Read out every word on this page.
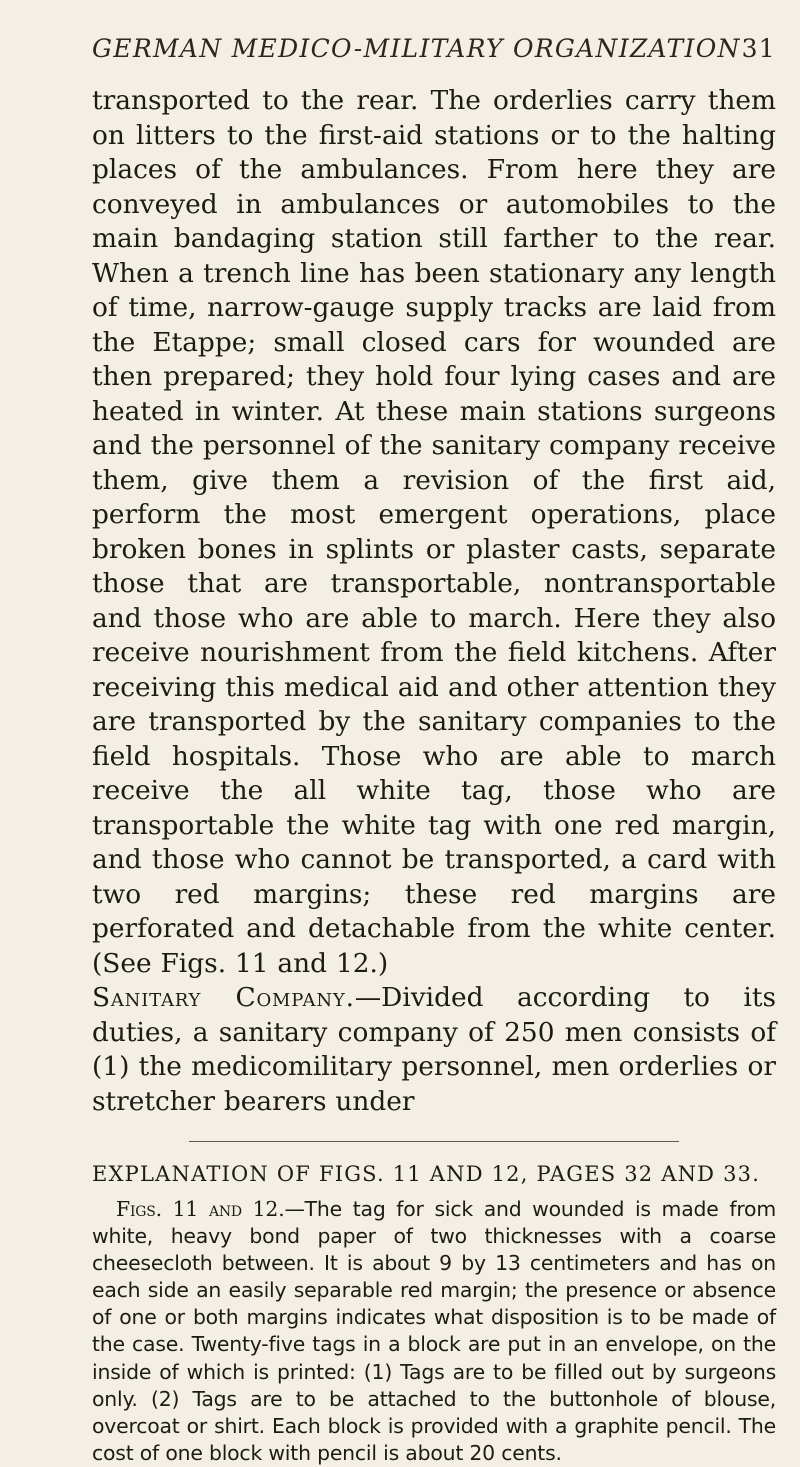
GERMAN MEDICO-MILITARY ORGANIZATION 31

transported to the rear. The orderlies carry them on litters to the first-aid stations or to the halting places of the ambulances. From here they are conveyed in ambulances or automobiles to the main bandaging station still farther to the rear. When a trench line has been stationary any length of time, narrow-gauge supply tracks are laid from the Etappe; small closed cars for wounded are then prepared; they hold four lying cases and are heated in winter. At these main stations surgeons and the personnel of the sanitary company receive them, give them a revision of the first aid, perform the most emergent operations, place broken bones in splints or plaster casts, separate those that are transportable, nontransportable and those who are able to march. Here they also receive nourishment from the field kitchens. After receiving this medical aid and other attention they are transported by the sanitary companies to the field hospitals. Those who are able to march receive the all white tag, those who are transportable the white tag with one red margin, and those who cannot be transported, a card with two red margins; these red margins are perforated and detachable from the white center. (See Figs. 11 and 12.)

Sanitary Company.—Divided according to its duties, a sanitary company of 250 men consists of (1) the medicomilitary personnel, men orderlies or stretcher bearers under

EXPLANATION OF FIGS. 11 AND 12, PAGES 32 AND 33.

Figs. 11 and 12.—The tag for sick and wounded is made from white, heavy bond paper of two thicknesses with a coarse cheesecloth between. It is about 9 by 13 centimeters and has on each side an easily separable red margin; the presence or absence of one or both margins indicates what disposition is to be made of the case. Twenty-five tags in a block are put in an envelope, on the inside of which is printed: (1) Tags are to be filled out by surgeons only. (2) Tags are to be attached to the buttonhole of blouse, overcoat or shirt. Each block is provided with a graphite pencil. The cost of one block with pencil is about 20 cents.
